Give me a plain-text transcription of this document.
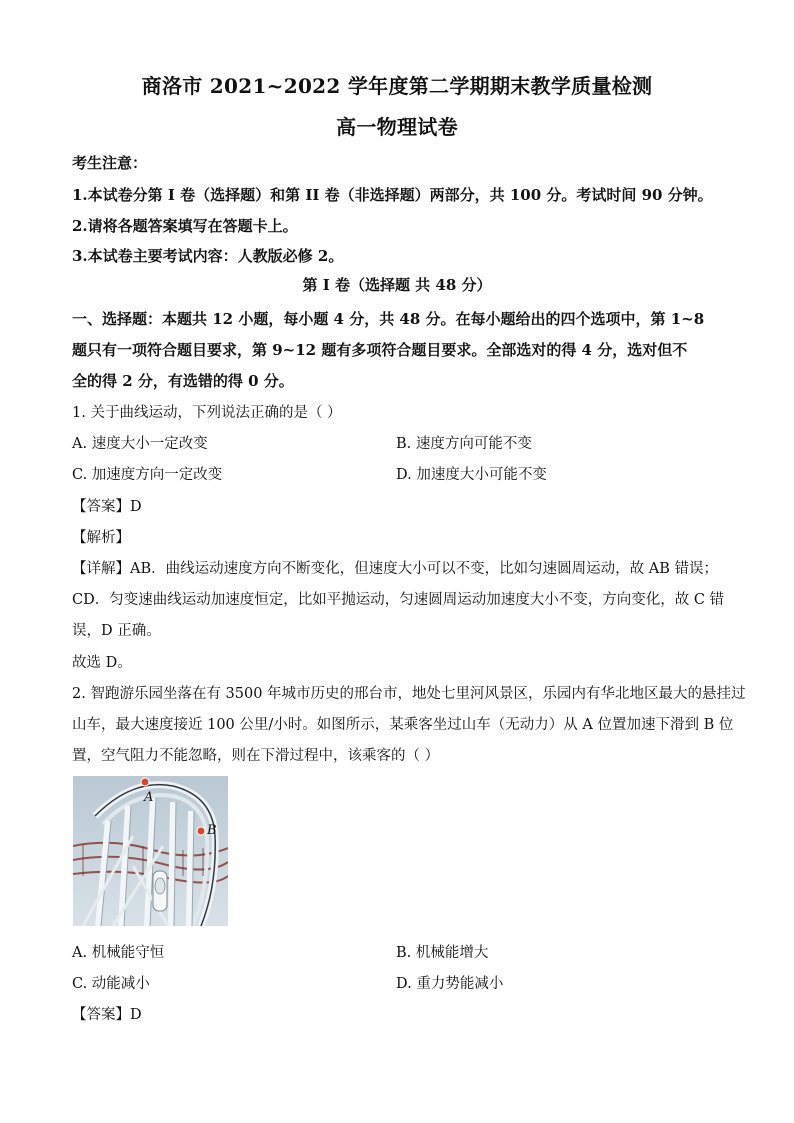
商洛市 2021~2022 学年度第二学期期末教学质量检测
高一物理试卷
考生注意：
1.本试卷分第 I 卷（选择题）和第 II 卷（非选择题）两部分，共 100 分。考试时间 90 分钟。
2.请将各题答案填写在答题卡上。
3.本试卷主要考试内容：人教版必修 2。
第 I 卷（选择题 共 48 分）
一、选择题：本题共 12 小题，每小题 4 分，共 48 分。在每小题给出的四个选项中，第 1~8
题只有一项符合题目要求，第 9~12 题有多项符合题目要求。全部选对的得 4 分，选对但不
全的得 2 分，有选错的得 0 分。
1. 关于曲线运动，下列说法正确的是（ ）
A. 速度大小一定改变	B. 速度方向可能不变
C. 加速度方向一定改变	D. 加速度大小可能不变
【答案】D
【解析】
【详解】AB．曲线运动速度方向不断变化，但速度大小可以不变，比如匀速圆周运动，故 AB 错误；
CD．匀变速曲线运动加速度恒定，比如平抛运动，匀速圆周运动加速度大小不变，方向变化，故 C 错
误，D 正确。
故选 D。
2. 智跑游乐园坐落在有 3500 年城市历史的邢台市，地处七里河风景区，乐园内有华北地区最大的悬挂过
山车，最大速度接近 100 公里/小时。如图所示，某乘客坐过山车（无动力）从 A 位置加速下滑到 B 位
置，空气阻力不能忽略，则在下滑过程中，该乘客的（ ）
A
B
A. 机械能守恒	B. 机械能增大
C. 动能减小	D. 重力势能减小
【答案】D
